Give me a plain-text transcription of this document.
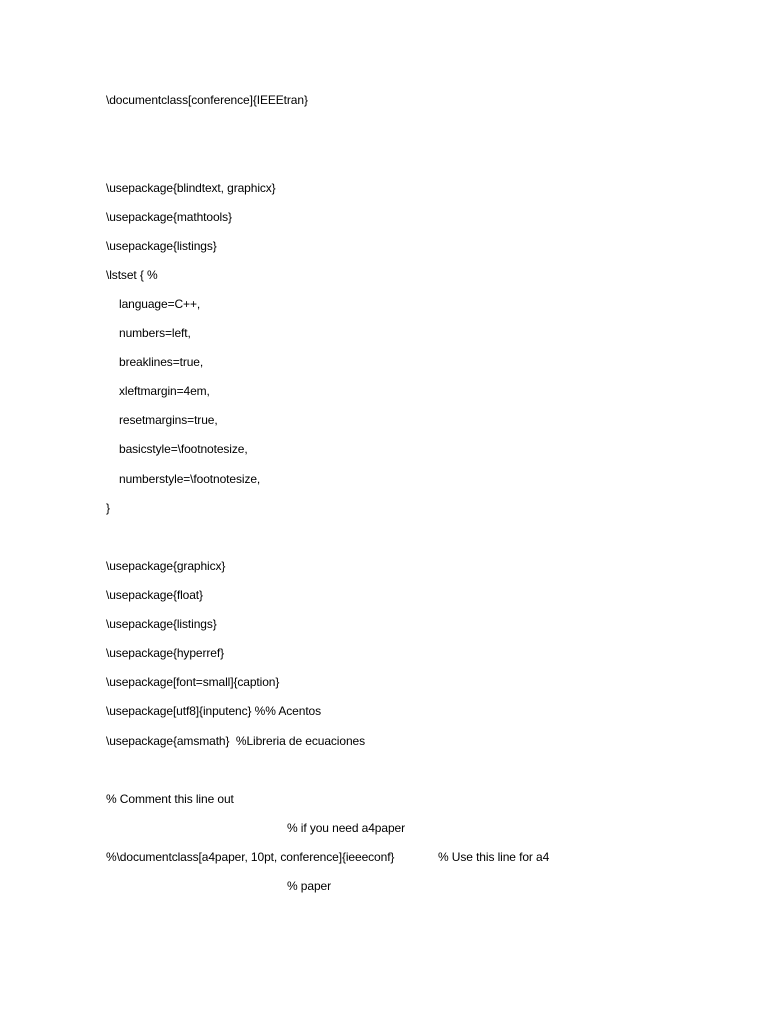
\documentclass[conference]{IEEEtran}
\usepackage{blindtext, graphicx}
\usepackage{mathtools}
\usepackage{listings}
\lstset { %
language=C++,
numbers=left,
breaklines=true,
xleftmargin=4em,
resetmargins=true,
basicstyle=\footnotesize,
numberstyle=\footnotesize,
}
\usepackage{graphicx}
\usepackage{float}
\usepackage{listings}
\usepackage{hyperref}
\usepackage[font=small]{caption}
\usepackage[utf8]{inputenc} %% Acentos
\usepackage{amsmath}  %Libreria de ecuaciones
% Comment this line out
% if you need a4paper
%\documentclass[a4paper, 10pt, conference]{ieeeconf}	% Use this line for a4
% paper
